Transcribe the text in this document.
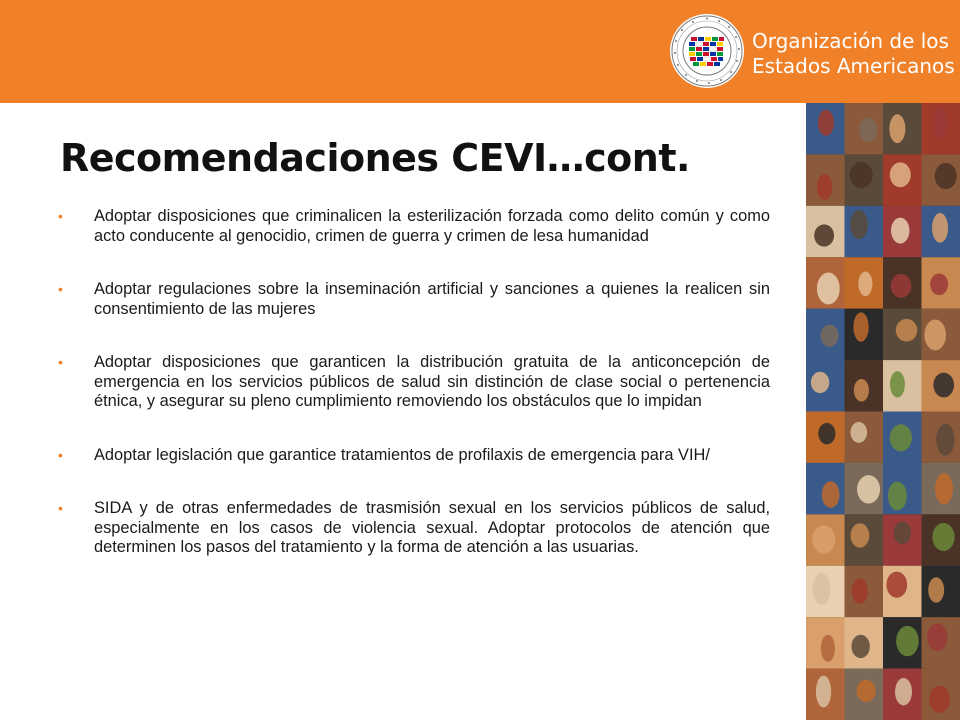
Organización de los
Estados Americanos
Recomendaciones CEVI…cont.
• Adoptar disposiciones que criminalicen la esterilización forzada como delito común y como acto conducente al genocidio, crimen de guerra y crimen de lesa humanidad
• Adoptar regulaciones sobre la inseminación artificial y sanciones a quienes la realicen sin consentimiento de las mujeres
• Adoptar disposiciones que garanticen la distribución gratuita de la anticoncepción de emergencia en los servicios públicos de salud sin distinción de clase social o pertenencia étnica, y asegurar su pleno cumplimiento removiendo los obstáculos que lo impidan
• Adoptar legislación que garantice tratamientos de profilaxis de emergencia para VIH/
• SIDA y de otras enfermedades de trasmisión sexual en los servicios públicos de salud, especialmente en los casos de violencia sexual. Adoptar protocolos de atención que determinen los pasos del tratamiento y la forma de atención a las usuarias.
